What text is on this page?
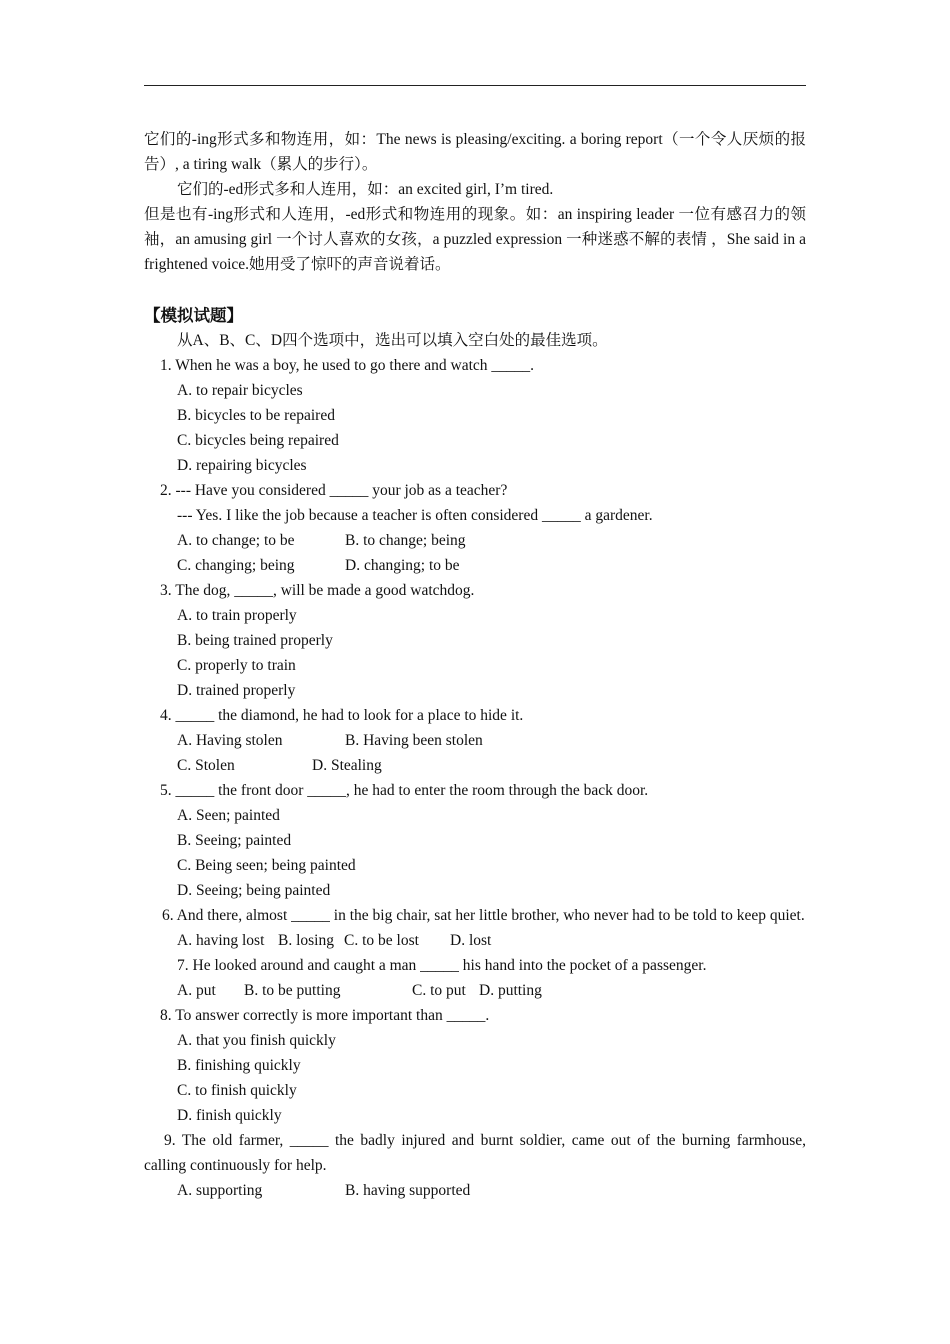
它们的-ing形式多和物连用，如：The news is pleasing/exciting. a boring report（一个令人厌烦的报告）, a tiring walk（累人的步行）。
它们的-ed形式多和人连用，如：an excited girl, I’m tired.
但是也有-ing形式和人连用，-ed形式和物连用的现象。如：an inspiring leader 一位有感召力的领袖，an amusing girl 一个讨人喜欢的女孩，a puzzled expression 一种迷惑不解的表情 ，She said in a frightened voice.她用受了惊吓的声音说着话。
【模拟试题】
从A、B、C、D四个选项中，选出可以填入空白处的最佳选项。
1. When he was a boy, he used to go there and watch _____.
A. to repair bicycles
B. bicycles to be repaired
C. bicycles being repaired
D. repairing bicycles
2. --- Have you considered _____ your job as a teacher?
--- Yes. I like the job because a teacher is often considered _____ a gardener.
A. to change; to be	B. to change; being
C. changing; being	D. changing; to be
3. The dog, _____, will be made a good watchdog.
A. to train properly
B. being trained properly
C. properly to train
D. trained properly
4. _____ the diamond, he had to look for a place to hide it.
A. Having stolen	B. Having been stolen
C. Stolen	D. Stealing
5. _____ the front door _____, he had to enter the room through the back door.
A. Seen; painted
B. Seeing; painted
C. Being seen; being painted
D. Seeing; being painted
6. And there, almost _____ in the big chair, sat her little brother, who never had to be told to keep quiet.
A. having lost B. losing C. to be lost D. lost
7. He looked around and caught a man _____ his hand into the pocket of a passenger.
A. put B. to be putting	C. to put D. putting
8. To answer correctly is more important than _____.
A. that you finish quickly
B. finishing quickly
C. to finish quickly
D. finish quickly
9. The old farmer, _____ the badly injured and burnt soldier, came out of the burning farmhouse, calling continuously for help.
A. supporting	B. having supported
